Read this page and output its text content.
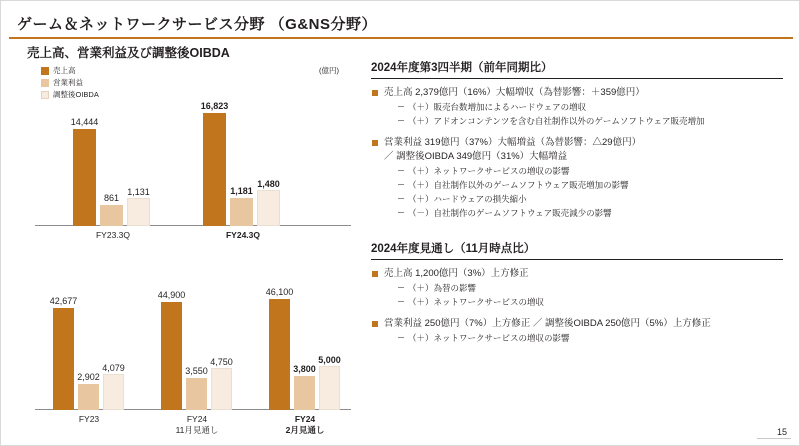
ゲーム＆ネットワークサービス分野 （G&NS分野）
売上高、営業利益及び調整後OIBDA
売上高
営業利益
調整後OIBDA
(億円)
14,444
861
1,131
FY23.3Q
16,823
1,181
1,480
FY24.3Q
42,677
2,902
4,079
FY23
44,900
3,550
4,750
FY24
11月見通し
46,100
3,800
5,000
FY24
2月見通し
2024年度第3四半期（前年同期比）
売上高 2,379億円（16%）大幅増収（為替影響：＋359億円）
（＋）販売台数増加によるハードウェアの増収
（＋）アドオンコンテンツを含む自社制作以外のゲームソフトウェア販売増加
営業利益 319億円（37%）大幅増益（為替影響：△29億円）
／ 調整後OIBDA 349億円（31%）大幅増益
（＋）ネットワークサービスの増収の影響
（＋）自社制作以外のゲームソフトウェア販売増加の影響
（＋）ハードウェアの損失縮小
（－）自社制作のゲームソフトウェア販売減少の影響
2024年度見通し（11月時点比）
売上高 1,200億円（3%）上方修正
（＋）為替の影響
（＋）ネットワークサービスの増収
営業利益 250億円（7%）上方修正 ／ 調整後OIBDA 250億円（5%）上方修正
（＋）ネットワークサービスの増収の影響
15
